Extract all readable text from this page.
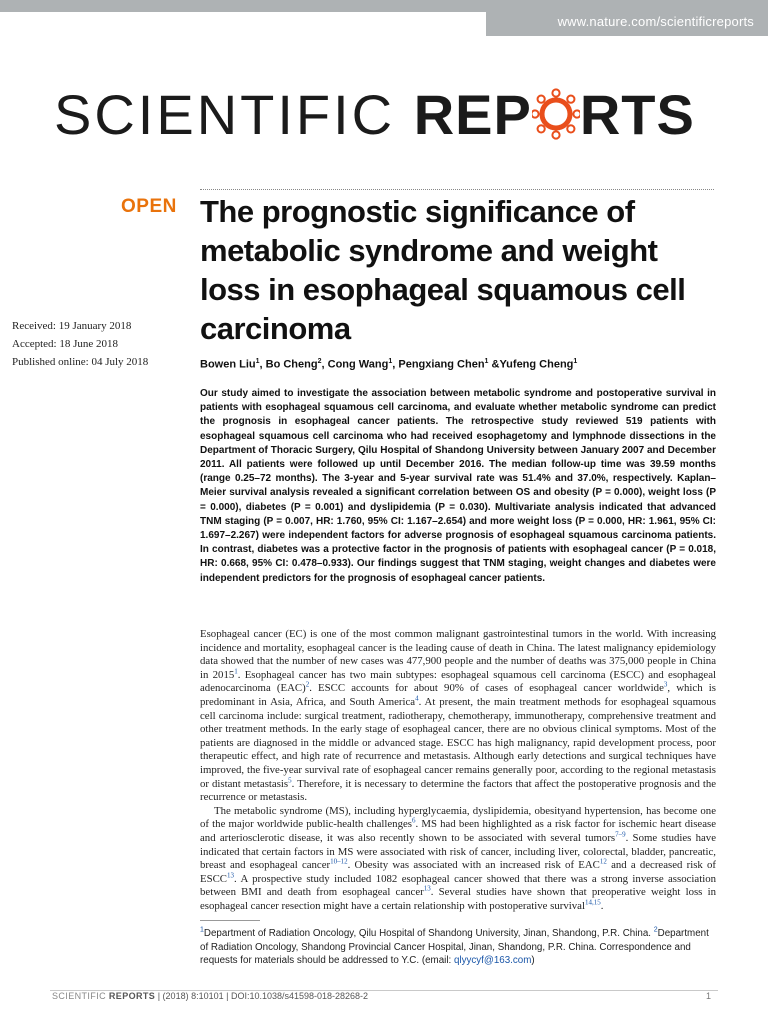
www.nature.com/scientificreports
SCIENTIFIC REP RTS
OPEN The prognostic significance of metabolic syndrome and weight loss in esophageal squamous cell carcinoma
Received: 19 January 2018
Accepted: 18 June 2018
Published online: 04 July 2018	Bowen Liu$^1$, Bo Cheng$^2$, Cong Wang$^1$, Pengxiang Chen$^1$ &Yufeng Cheng$^1$

Our study aimed to investigate the association between metabolic syndrome and postoperative survival in patients with esophageal squamous cell carcinoma, and evaluate whether metabolic syndrome can predict the prognosis in esophageal cancer patients. The retrospective study reviewed 519 patients with esophageal squamous cell carcinoma who had received esophagetomy and lymphnode dissections in the Department of Thoracic Surgery, Qilu Hospital of Shandong University between January 2007 and December 2011. All patients were followed up until December 2016. The median follow-up time was 39.59 months (range 0.25–72 months). The 3-year and 5-year survival rate was 51.4% and 37.0%, respectively. Kaplan–Meier survival analysis revealed a significant correlation between OS and obesity (P = 0.000), weight loss (P = 0.000), diabetes (P = 0.001) and dyslipidemia (P = 0.030). Multivariate analysis indicated that advanced TNM staging (P = 0.007, HR: 1.760, 95% CI: 1.167–2.654) and more weight loss (P = 0.000, HR: 1.961, 95% CI: 1.697–2.267) were independent factors for adverse prognosis of esophageal squamous carcinoma patients. In contrast, diabetes was a protective factor in the prognosis of patients with esophageal cancer (P = 0.018, HR: 0.668, 95% CI: 0.478–0.933). Our findings suggest that TNM staging, weight changes and diabetes were independent predictors for the prognosis of esophageal cancer patients.

Esophageal cancer (EC) is one of the most common malignant gastrointestinal tumors in the world. With increasing incidence and mortality, esophageal cancer is the leading cause of death in China. The latest malignancy epidemiology data showed that the number of new cases was 477,900 people and the number of deaths was 375,000 people in China in 2015$^1$. Esophageal cancer has two main subtypes: esophageal squamous cell carcinoma (ESCC) and esophageal adenocarcinoma (EAC)$^2$. ESCC accounts for about 90% of cases of esophageal cancer worldwide$^3$, which is predominant in Asia, Africa, and South America$^4$. At present, the main treatment methods for esophageal squamous cell carcinoma include: surgical treatment, radiotherapy, chemotherapy, immunotherapy, comprehensive treatment and other treatment methods. In the early stage of esophageal cancer, there are no obvious clinical symptoms. Most of the patients are diagnosed in the middle or advanced stage. ESCC has high malignancy, rapid development process, poor therapeutic effect, and high rate of recurrence and metastasis. Although early detections and surgical techniques have improved, the five-year survival rate of esophageal cancer remains generally poor, according to the regional metastasis or distant metastasis$^5$. Therefore, it is necessary to determine the factors that affect the postoperative prognosis and the recurrence or metastasis.

The metabolic syndrome (MS), including hyperglycaemia, dyslipidemia, obesityand hypertension, has become one of the major worldwide public-health challenges$^6$. MS had been highlighted as a risk factor for ischemic heart disease and arteriosclerotic disease, it was also recently shown to be associated with several tumors$^{7-9}$. Some studies have indicated that certain factors in MS were associated with risk of cancer, including liver, colorectal, bladder, pancreatic, breast and esophageal cancer$^{10-12}$. Obesity was associated with an increased risk of EAC$^{12}$ and a decreased risk of ESCC$^{13}$. A prospective study included 1082 esophageal cancer showed that there was a strong inverse association between BMI and death from esophageal cancer$^{13}$. Several studies have shown that preoperative weight loss in esophageal cancer resection might have a certain relationship with postoperative survival$^{14,15}$.

$^1$Department of Radiation Oncology, Qilu Hospital of Shandong University, Jinan, Shandong, P.R. China. $^2$Department of Radiation Oncology, Shandong Provincial Cancer Hospital, Jinan, Shandong, P.R. China. Correspondence and requests for materials should be addressed to Y.C. (email: qlyycyf@163.com)

SCIENTIFIC REPORTS | (2018) 8:10101 | DOI:10.1038/s41598-018-28268-2	1
